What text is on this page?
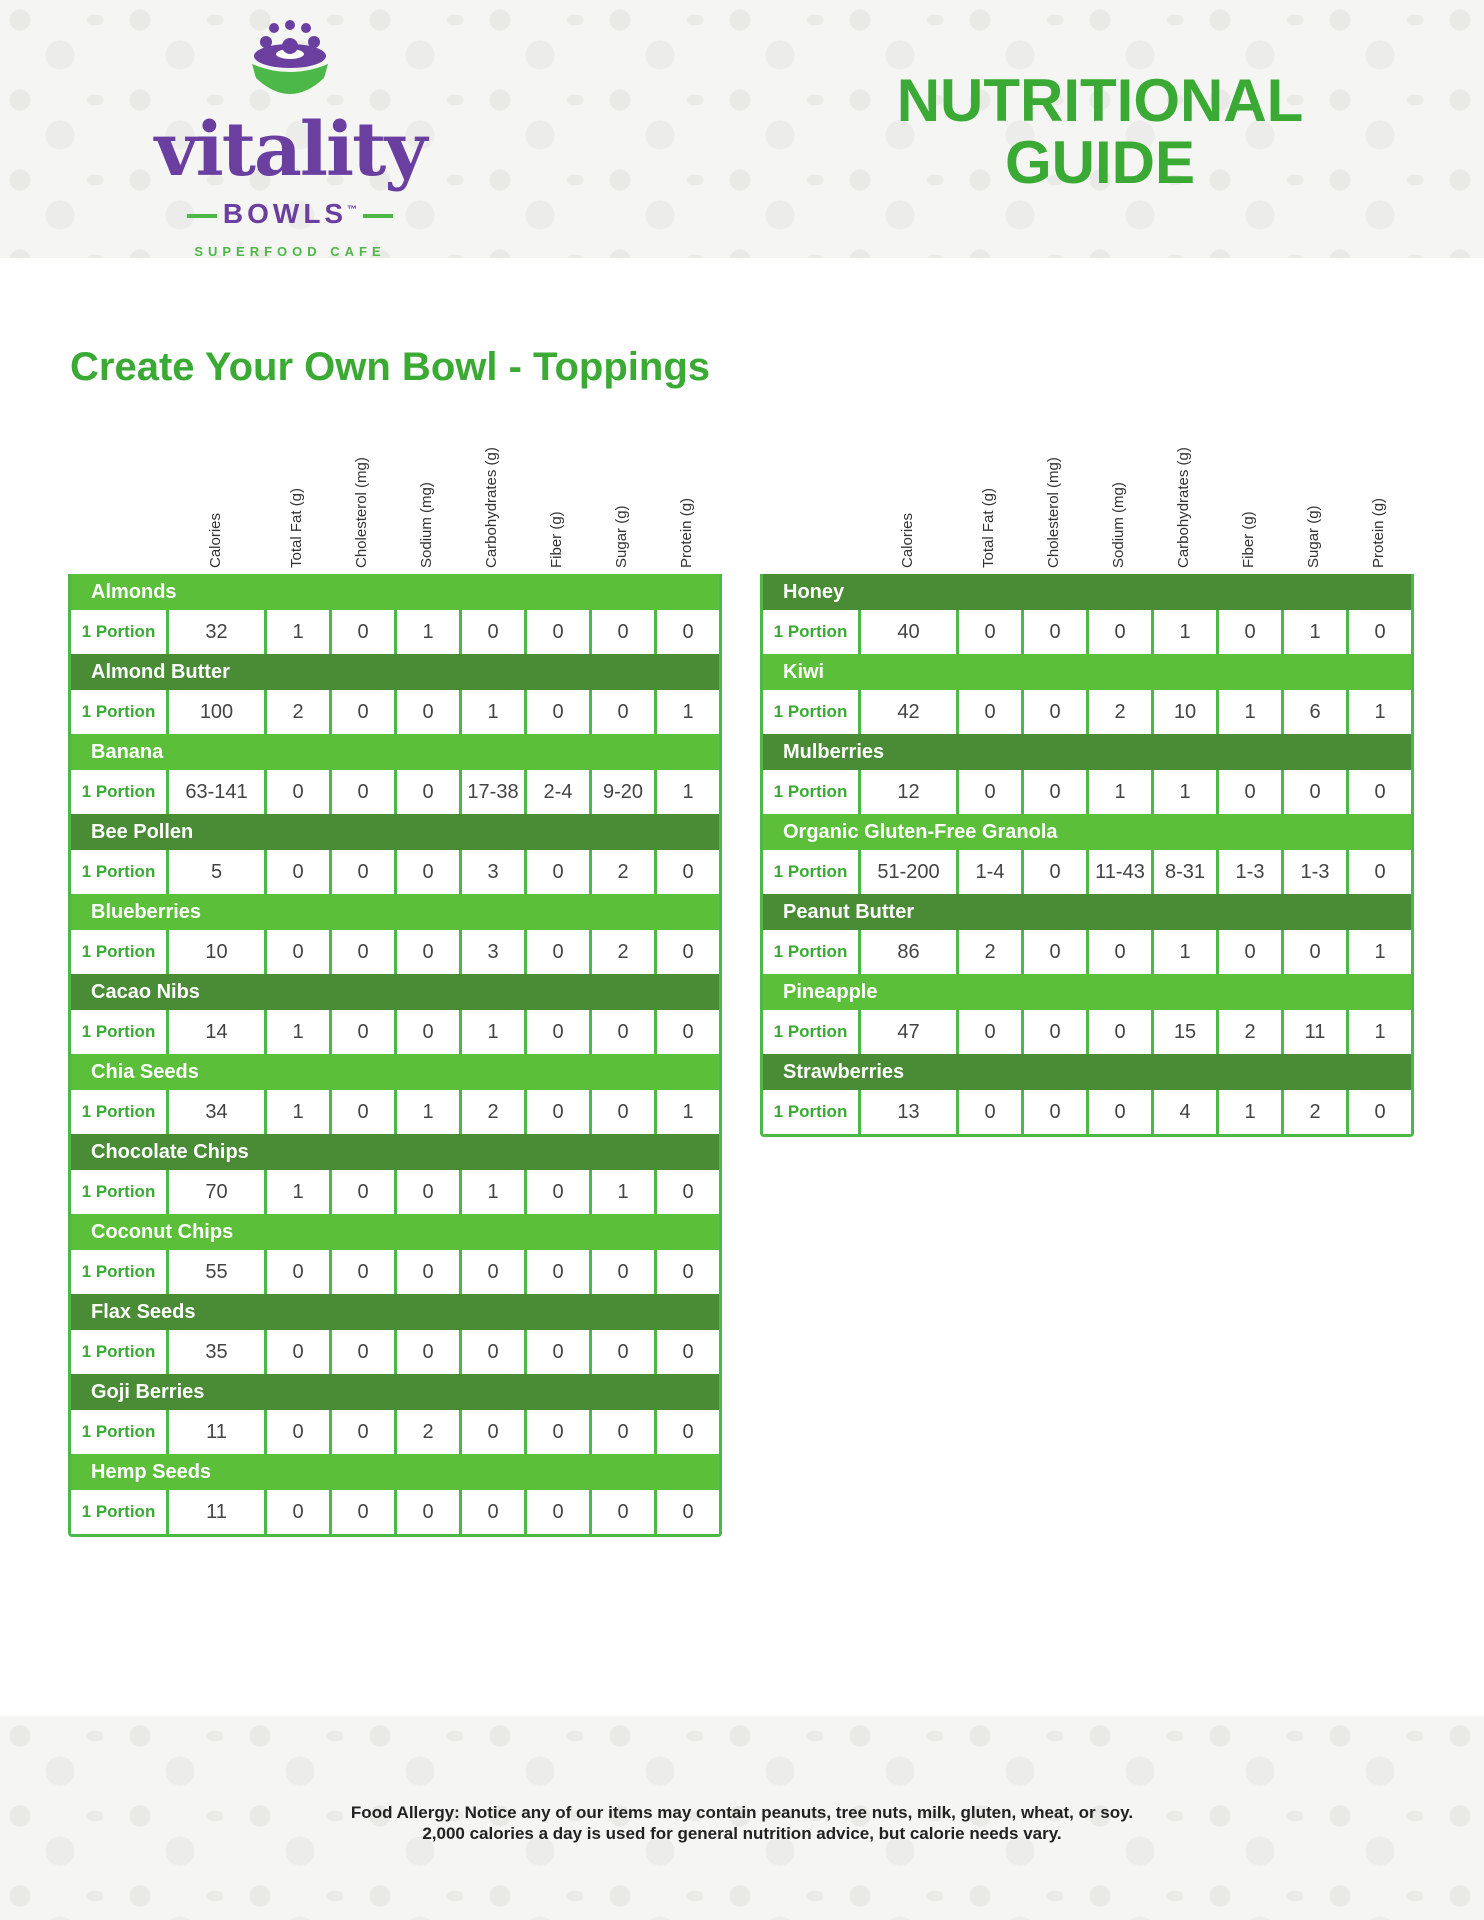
vitality
BOWLS™
SUPERFOOD CAFE
NUTRITIONAL
GUIDE
Create Your Own Bowl - Toppings
Calories	Total Fat (g)	Cholesterol (mg)	Sodium (mg)	Carbohydrates (g)	Fiber (g)	Sugar (g)	Protein (g)
Almonds
1 Portion	32	1	0	1	0	0	0	0
Almond Butter
1 Portion	100	2	0	0	1	0	0	1
Banana
1 Portion	63-141	0	0	0	17-38	2-4	9-20	1
Bee Pollen
1 Portion	5	0	0	0	3	0	2	0
Blueberries
1 Portion	10	0	0	0	3	0	2	0
Cacao Nibs
1 Portion	14	1	0	0	1	0	0	0
Chia Seeds
1 Portion	34	1	0	1	2	0	0	1
Chocolate Chips
1 Portion	70	1	0	0	1	0	1	0
Coconut Chips
1 Portion	55	0	0	0	0	0	0	0
Flax Seeds
1 Portion	35	0	0	0	0	0	0	0
Goji Berries
1 Portion	11	0	0	2	0	0	0	0
Hemp Seeds
1 Portion	11	0	0	0	0	0	0	0
Calories	Total Fat (g)	Cholesterol (mg)	Sodium (mg)	Carbohydrates (g)	Fiber (g)	Sugar (g)	Protein (g)
Honey
1 Portion	40	0	0	0	1	0	1	0
Kiwi
1 Portion	42	0	0	2	10	1	6	1
Mulberries
1 Portion	12	0	0	1	1	0	0	0
Organic Gluten-Free Granola
1 Portion	51-200	1-4	0	11-43	8-31	1-3	1-3	0
Peanut Butter
1 Portion	86	2	0	0	1	0	0	1
Pineapple
1 Portion	47	0	0	0	15	2	11	1
Strawberries
1 Portion	13	0	0	0	4	1	2	0
Food Allergy: Notice any of our items may contain peanuts, tree nuts, milk, gluten, wheat, or soy.
2,000 calories a day is used for general nutrition advice, but calorie needs vary.
